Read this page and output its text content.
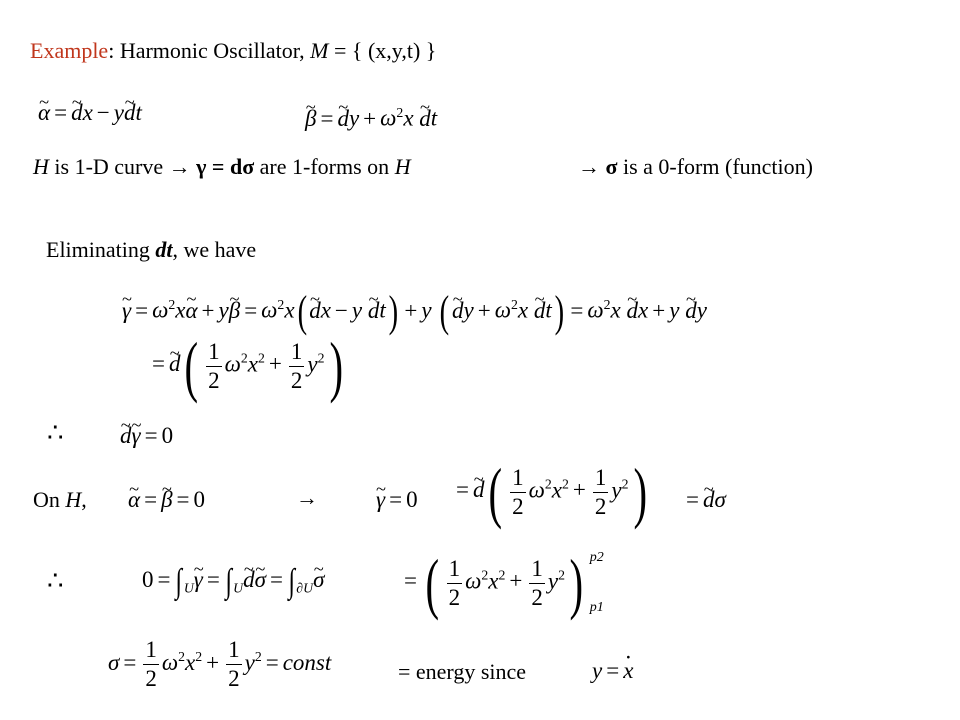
Example: Harmonic Oscillator, M = { (x,y,t) }
~ α =~ dx − y~ dt
~	β =~ dy + $\omega^2x$ ~ dt
H is 1-D curve → γ = dσ are 1-forms on H	→ σ is a 0-form (function)
Eliminating dt, we have
~ $\gamma = \omega^2x\sim$ α + y~ $\beta = \omega^2x(\sim$ dx − y ~ dt) + y (~ dy + $\omega^2x$ ~ $dt) = \omega^2x$ ~ dx + y ~ dy
=~ $d( \frac{1}{2} \omega^2x^2 + \frac{1}{2} y^2)$
∴
~ d~ γ = 0
On H,
~ α =~ β = 0	→
~	γ = 0 =~ $d( \frac{1}{2} \omega^2x^2 + \frac{1}{2} y^2)$ =~ dσ
∴	$0 = \int_U\sim$ $\gamma = \int_U\sim$ d~ $\sigma = \int_{\partial U}\sim$ σ	= ( $\frac{1}{2} \omega^2x^2 + \frac{1}{2} y^2$) p2
p1
$\sigma = \frac{1}{2} \omega^2x^2 + \frac{1}{2} y^2$ = const	= energy since	y =· x
